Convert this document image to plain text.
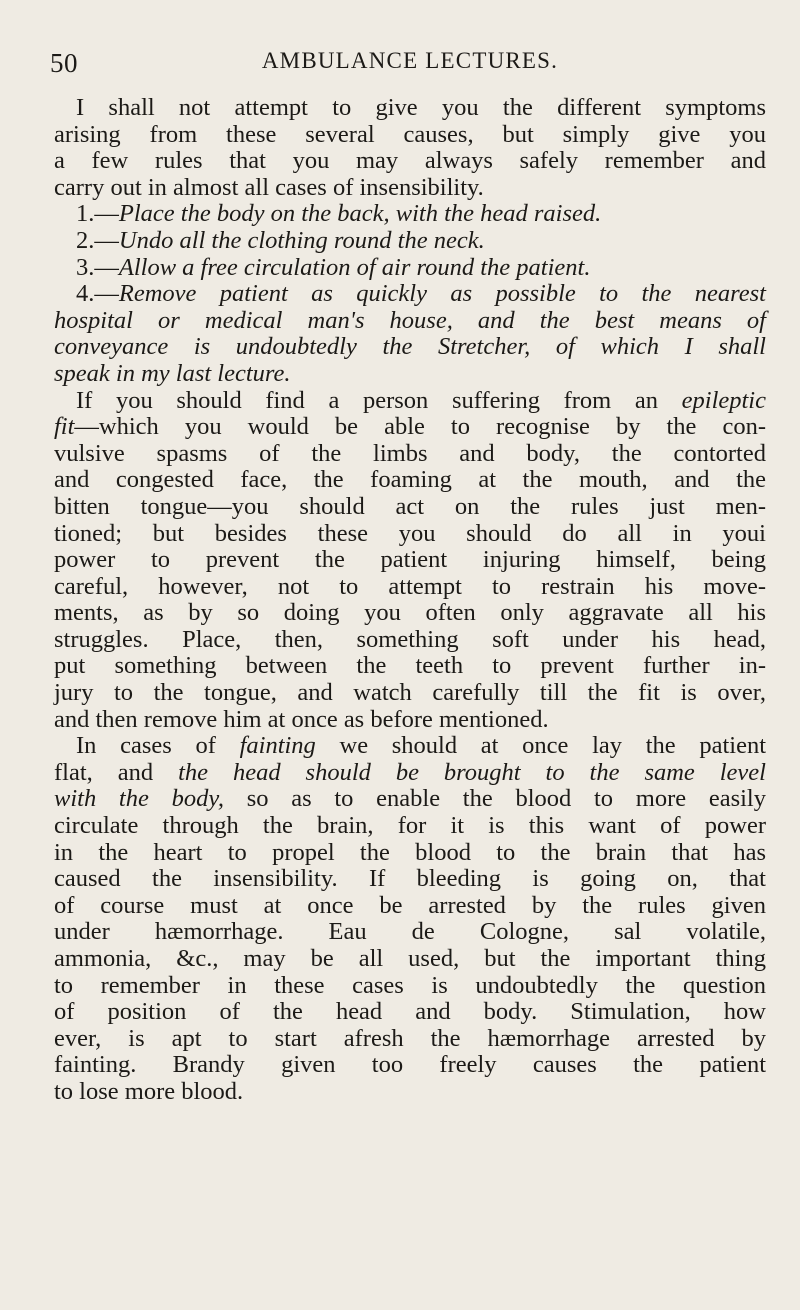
50	AMBULANCE LECTURES.
I shall not attempt to give you the different symptoms
arising from these several causes, but simply give you
a few rules that you may always safely remember and
carry out in almost all cases of insensibility.
1.—Place the body on the back, with the head raised.
2.—Undo all the clothing round the neck.
3.—Allow a free circulation of air round the patient.
4.—Remove patient as quickly as possible to the nearest
hospital or medical man's house, and the best means of
conveyance is undoubtedly the Stretcher, of which I shall
speak in my last lecture.
If you should find a person suffering from an epileptic
fit—which you would be able to recognise by the con-
vulsive spasms of the limbs and body, the contorted
and congested face, the foaming at the mouth, and the
bitten tongue—you should act on the rules just men-
tioned; but besides these you should do all in youi
power to prevent the patient injuring himself, being
careful, however, not to attempt to restrain his move-
ments, as by so doing you often only aggravate all his
struggles. Place, then, something soft under his head,
put something between the teeth to prevent further in-
jury to the tongue, and watch carefully till the fit is over,
and then remove him at once as before mentioned.
In cases of fainting we should at once lay the patient
flat, and the head should be brought to the same level
with the body, so as to enable the blood to more easily
circulate through the brain, for it is this want of power
in the heart to propel the blood to the brain that has
caused the insensibility. If bleeding is going on, that
of course must at once be arrested by the rules given
under hæmorrhage. Eau de Cologne, sal volatile,
ammonia, &c., may be all used, but the important thing
to remember in these cases is undoubtedly the question
of position of the head and body. Stimulation, how
ever, is apt to start afresh the hæmorrhage arrested by
fainting. Brandy given too freely causes the patient
to lose more blood.
